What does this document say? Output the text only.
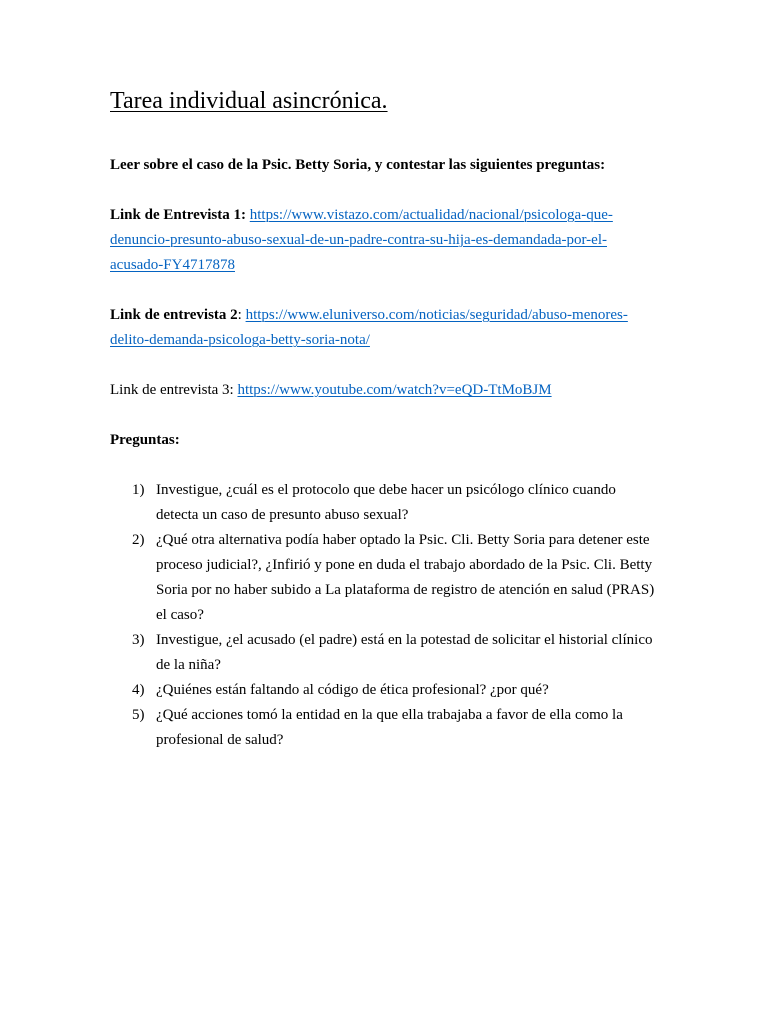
Tarea individual asincrónica.

Leer sobre el caso de la Psic. Betty Soria, y contestar las siguientes preguntas:

Link de Entrevista 1: https://www.vistazo.com/actualidad/nacional/psicologa-que-denuncio-presunto-abuso-sexual-de-un-padre-contra-su-hija-es-demandada-por-el-acusado-FY4717878

Link de entrevista 2: https://www.eluniverso.com/noticias/seguridad/abuso-menores-delito-demanda-psicologa-betty-soria-nota/

Link de entrevista 3: https://www.youtube.com/watch?v=eQD-TtMoBJM

Preguntas:

1) Investigue, ¿cuál es el protocolo que debe hacer un psicólogo clínico cuando detecta un caso de presunto abuso sexual?
2) ¿Qué otra alternativa podía haber optado la Psic. Cli. Betty Soria para detener este proceso judicial?, ¿Infirió y pone en duda el trabajo abordado de la Psic. Cli. Betty Soria por no haber subido a La plataforma de registro de atención en salud (PRAS) el caso?
3) Investigue, ¿el acusado (el padre) está en la potestad de solicitar el historial clínico de la niña?
4) ¿Quiénes están faltando al código de ética profesional? ¿por qué?
5) ¿Qué acciones tomó la entidad en la que ella trabajaba a favor de ella como la profesional de salud?
